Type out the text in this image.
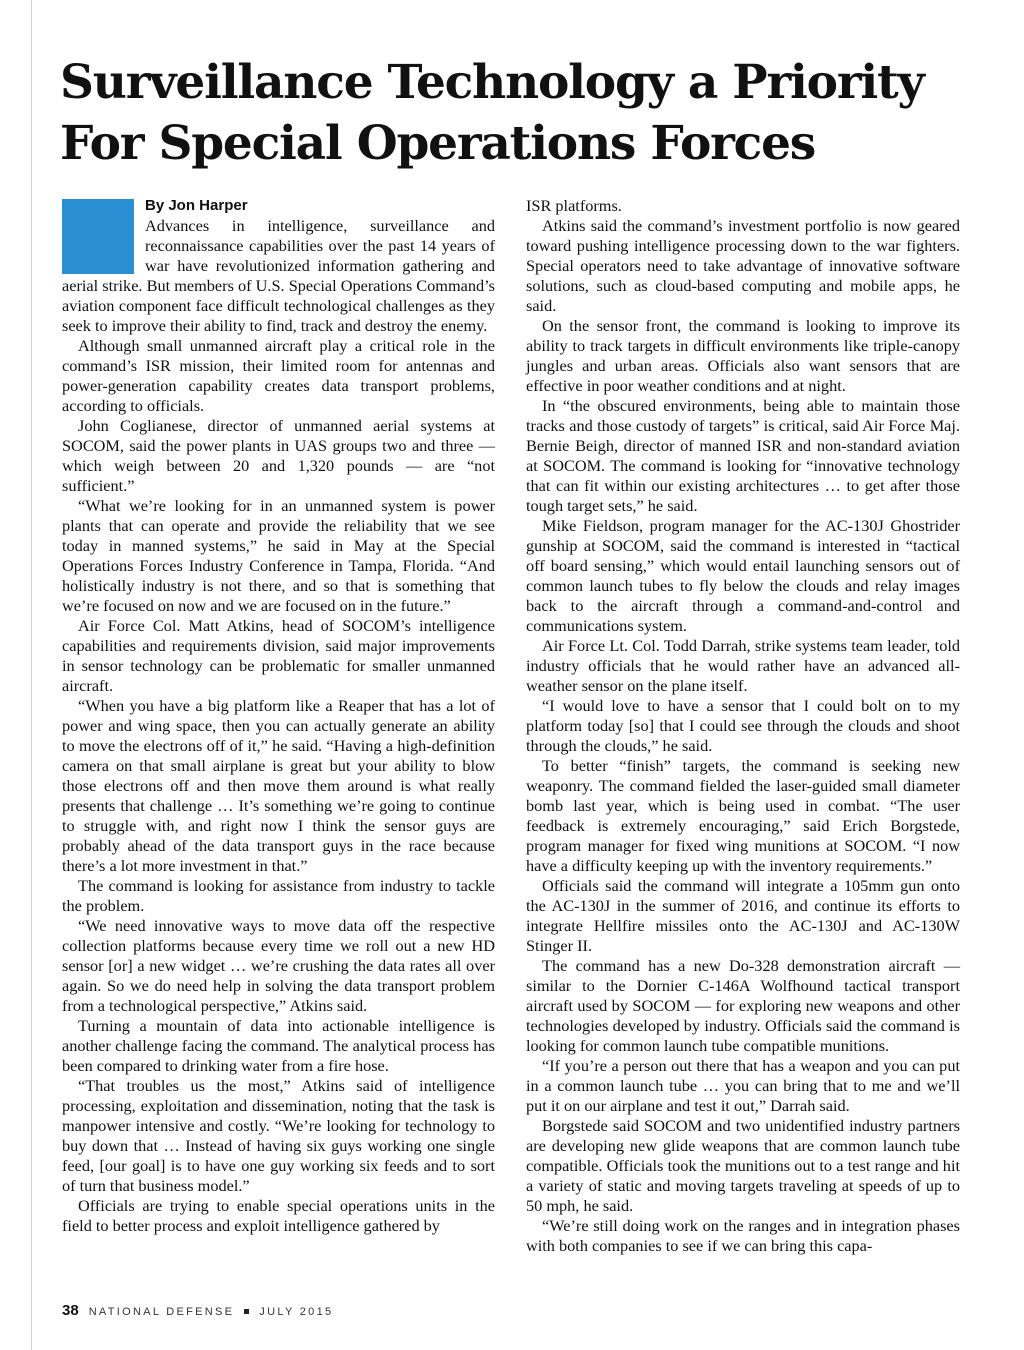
Surveillance Technology a Priority
For Special Operations Forces
By Jon Harper

Advances in intelligence, surveillance and reconnaissance capabilities over the past 14 years of war have revolutionized information gathering and aerial strike. But members of U.S. Special Operations Command’s aviation component face difficult technological challenges as they seek to improve their ability to find, track and destroy the enemy.

Although small unmanned aircraft play a critical role in the command’s ISR mission, their limited room for antennas and power-generation capability creates data transport problems, according to officials.

John Coglianese, director of unmanned aerial systems at SOCOM, said the power plants in UAS groups two and three — which weigh between 20 and 1,320 pounds — are “not sufficient.”

“What we’re looking for in an unmanned system is power plants that can operate and provide the reliability that we see today in manned systems,” he said in May at the Special Operations Forces Industry Conference in Tampa, Florida. “And holistically industry is not there, and so that is something that we’re focused on now and we are focused on in the future.”

Air Force Col. Matt Atkins, head of SOCOM’s intelligence capabilities and requirements division, said major improvements in sensor technology can be problematic for smaller unmanned aircraft.

“When you have a big platform like a Reaper that has a lot of power and wing space, then you can actually generate an ability to move the electrons off of it,” he said. “Having a high-definition camera on that small airplane is great but your ability to blow those electrons off and then move them around is what really presents that challenge … It’s something we’re going to continue to struggle with, and right now I think the sensor guys are probably ahead of the data transport guys in the race because there’s a lot more investment in that.”

The command is looking for assistance from industry to tackle the problem.

“We need innovative ways to move data off the respective collection platforms because every time we roll out a new HD sensor [or] a new widget … we’re crushing the data rates all over again. So we do need help in solving the data transport problem from a technological perspective,” Atkins said.

Turning a mountain of data into actionable intelligence is another challenge facing the command. The analytical process has been compared to drinking water from a fire hose.

“That troubles us the most,” Atkins said of intelligence processing, exploitation and dissemination, noting that the task is manpower intensive and costly. “We’re looking for technology to buy down that … Instead of having six guys working one single feed, [our goal] is to have one guy working six feeds and to sort of turn that business model.”

Officials are trying to enable special operations units in the field to better process and exploit intelligence gathered by

ISR platforms.

Atkins said the command’s investment portfolio is now geared toward pushing intelligence processing down to the war fighters. Special operators need to take advantage of innovative software solutions, such as cloud-based computing and mobile apps, he said.

On the sensor front, the command is looking to improve its ability to track targets in difficult environments like triple-canopy jungles and urban areas. Officials also want sensors that are effective in poor weather conditions and at night.

In “the obscured environments, being able to maintain those tracks and those custody of targets” is critical, said Air Force Maj. Bernie Beigh, director of manned ISR and non-standard aviation at SOCOM. The command is looking for “innovative technology that can fit within our existing architectures … to get after those tough target sets,” he said.

Mike Fieldson, program manager for the AC-130J Ghostrider gunship at SOCOM, said the command is interested in “tactical off board sensing,” which would entail launching sensors out of common launch tubes to fly below the clouds and relay images back to the aircraft through a command-and-control and communications system.

Air Force Lt. Col. Todd Darrah, strike systems team leader, told industry officials that he would rather have an advanced all-weather sensor on the plane itself.

“I would love to have a sensor that I could bolt on to my platform today [so] that I could see through the clouds and shoot through the clouds,” he said.

To better “finish” targets, the command is seeking new weaponry. The command fielded the laser-guided small diameter bomb last year, which is being used in combat. “The user feedback is extremely encouraging,” said Erich Borgstede, program manager for fixed wing munitions at SOCOM. “I now have a difficulty keeping up with the inventory requirements.”

Officials said the command will integrate a 105mm gun onto the AC-130J in the summer of 2016, and continue its efforts to integrate Hellfire missiles onto the AC-130J and AC-130W Stinger II.

The command has a new Do-328 demonstration aircraft — similar to the Dornier C-146A Wolfhound tactical transport aircraft used by SOCOM — for exploring new weapons and other technologies developed by industry. Officials said the command is looking for common launch tube compatible munitions.

“If you’re a person out there that has a weapon and you can put in a common launch tube … you can bring that to me and we’ll put it on our airplane and test it out,” Darrah said.

Borgstede said SOCOM and two unidentified industry partners are developing new glide weapons that are common launch tube compatible. Officials took the munitions out to a test range and hit a variety of static and moving targets traveling at speeds of up to 50 mph, he said.

“We’re still doing work on the ranges and in integration phases with both companies to see if we can bring this capa-

38 NATIONAL DEFENSE JULY 2015
